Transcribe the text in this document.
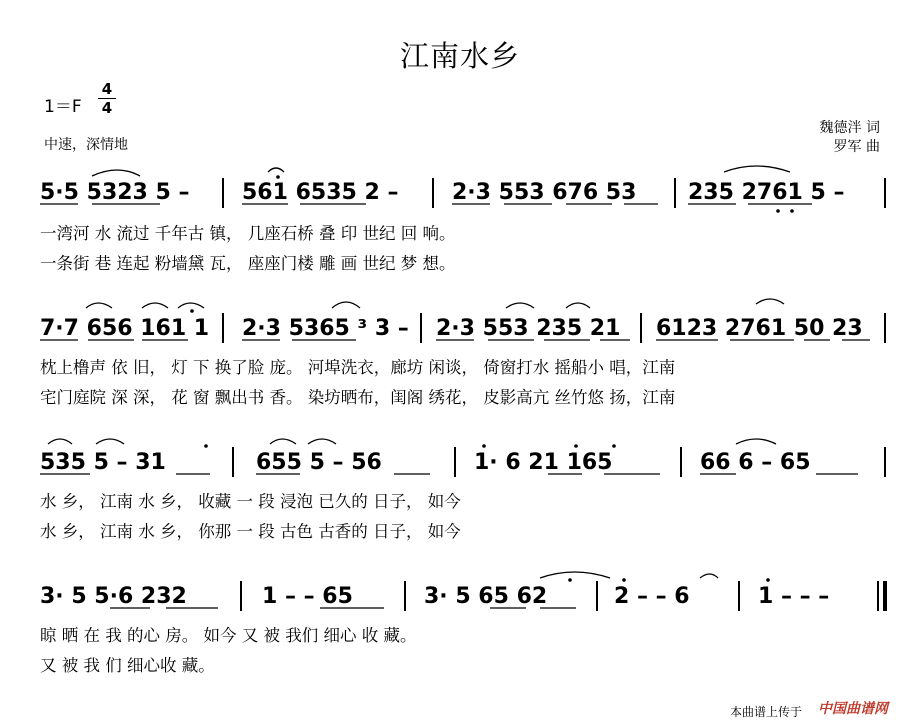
江南水乡
1＝F
4
4
中速，深情地
魏德泮 词
罗军 曲
5·5 5323 5 – 561 6535 2 – 2·3 553 676 53 235 2761 5 –
一湾河 水 流过 千年古 镇， 几座石桥 叠 印 世纪 回 响。
一条街 巷 连起 粉墙黛 瓦， 座座门楼 雕 画 世纪 梦 想。
7·7 656 161 1 2·3 5365 ³ 3 – 2·3 553 235 21 6123 2761 50 23
枕上橹声 依 旧， 灯 下 换了脸 庞。 河埠洗衣，廊坊 闲谈， 倚窗打水 摇船小 唱，江南
宅门庭院 深 深， 花 窗 飘出书 香。 染坊晒布，闺阁 绣花， 皮影高亢 丝竹悠 扬，江南
535 5 – 31	655 5 – 56	1· 6 21 165	66 6 – 65
水 乡， 江南 水 乡， 收藏 一 段 浸泡 已久的 日子， 如今
水 乡， 江南 水 乡， 你那 一 段 古色 古香的 日子， 如今
3· 5 5·6 232	1 – – 65	3· 5 65 62	2 – – 6	1 – – –
晾 晒 在 我 的心 房。 如今 又 被 我们 细心 收 藏。
又 被 我 们 细心收 藏。
本曲谱上传于 中国曲谱网
